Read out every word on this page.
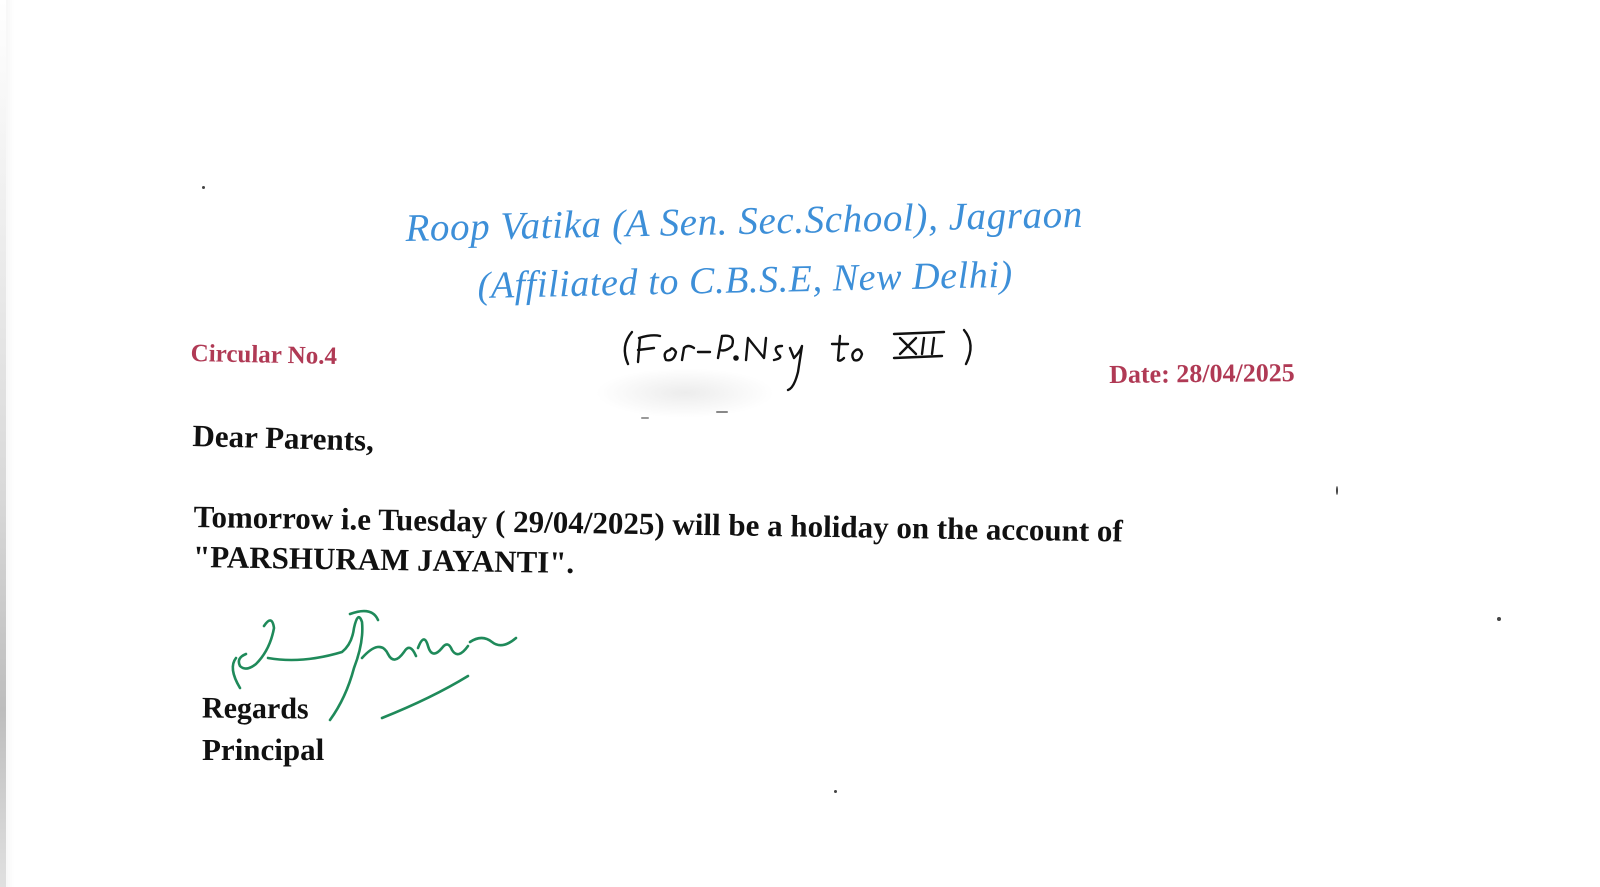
Roop Vatika (A Sen. Sec.School), Jagraon
(Affiliated to C.B.S.E, New Delhi)
Circular No.4
Date: 28/04/2025
Dear Parents,
Tomorrow i.e Tuesday ( 29/04/2025) will be a holiday on the account of "PARSHURAM JAYANTI".
Regards
Principal
